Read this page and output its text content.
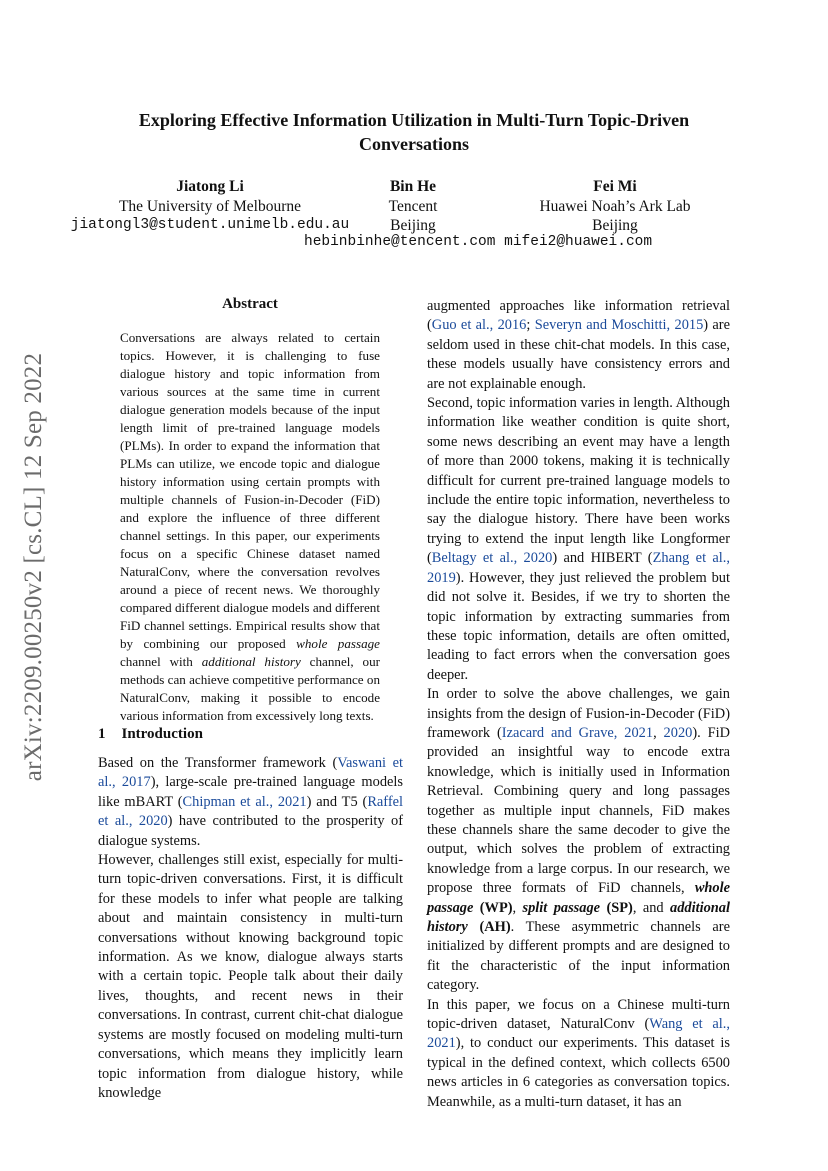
Exploring Effective Information Utilization in Multi-Turn Topic-Driven Conversations
Jiatong Li
The University of Melbourne
jiatongl3@student.unimelb.edu.au
Bin He
Tencent
Beijing
Fei Mi
Huawei Noah’s Ark Lab
Beijing
hebinbinhe@tencent.com mifei2@huawei.com
arXiv:2209.00250v2 [cs.CL] 12 Sep 2022
Abstract
Conversations are always related to certain topics. However, it is challenging to fuse dialogue history and topic information from various sources at the same time in current dialogue generation models because of the input length limit of pre-trained language models (PLMs). In order to expand the information that PLMs can utilize, we encode topic and dialogue history information using certain prompts with multiple channels of Fusion-in-Decoder (FiD) and explore the influence of three different channel settings. In this paper, our experiments focus on a specific Chinese dataset named NaturalConv, where the conversation revolves around a piece of recent news. We thoroughly compared different dialogue models and different FiD channel settings. Empirical results show that by combining our proposed whole passage channel with additional history channel, our methods can achieve competitive performance on NaturalConv, making it possible to encode various information from excessively long texts.
1 Introduction

Based on the Transformer framework (Vaswani et al., 2017), large-scale pre-trained language models like mBART (Chipman et al., 2021) and T5 (Raffel et al., 2020) have contributed to the prosperity of dialogue systems.

However, challenges still exist, especially for multi-turn topic-driven conversations. First, it is difficult for these models to infer what people are talking about and maintain consistency in multi-turn conversations without knowing background topic information. As we know, dialogue always starts with a certain topic. People talk about their daily lives, thoughts, and recent news in their conversations. In contrast, current chit-chat dialogue systems are mostly focused on modeling multi-turn conversations, which means they implicitly learn topic information from dialogue history, while knowledge

augmented approaches like information retrieval (Guo et al., 2016; Severyn and Moschitti, 2015) are seldom used in these chit-chat models. In this case, these models usually have consistency errors and are not explainable enough.

Second, topic information varies in length. Although information like weather condition is quite short, some news describing an event may have a length of more than 2000 tokens, making it is technically difficult for current pre-trained language models to include the entire topic information, nevertheless to say the dialogue history. There have been works trying to extend the input length like Longformer (Beltagy et al., 2020) and HIBERT (Zhang et al., 2019). However, they just relieved the problem but did not solve it. Besides, if we try to shorten the topic information by extracting summaries from these topic information, details are often omitted, leading to fact errors when the conversation goes deeper.

In order to solve the above challenges, we gain insights from the design of Fusion-in-Decoder (FiD) framework (Izacard and Grave, 2021, 2020). FiD provided an insightful way to encode extra knowledge, which is initially used in Information Retrieval. Combining query and long passages together as multiple input channels, FiD makes these channels share the same decoder to give the output, which solves the problem of extracting knowledge from a large corpus. In our research, we propose three formats of FiD channels, whole passage (WP), split passage (SP), and additional history (AH). These asymmetric channels are initialized by different prompts and are designed to fit the characteristic of the input information category.

In this paper, we focus on a Chinese multi-turn topic-driven dataset, NaturalConv (Wang et al., 2021), to conduct our experiments. This dataset is typical in the defined context, which collects 6500 news articles in 6 categories as conversation topics. Meanwhile, as a multi-turn dataset, it has an
